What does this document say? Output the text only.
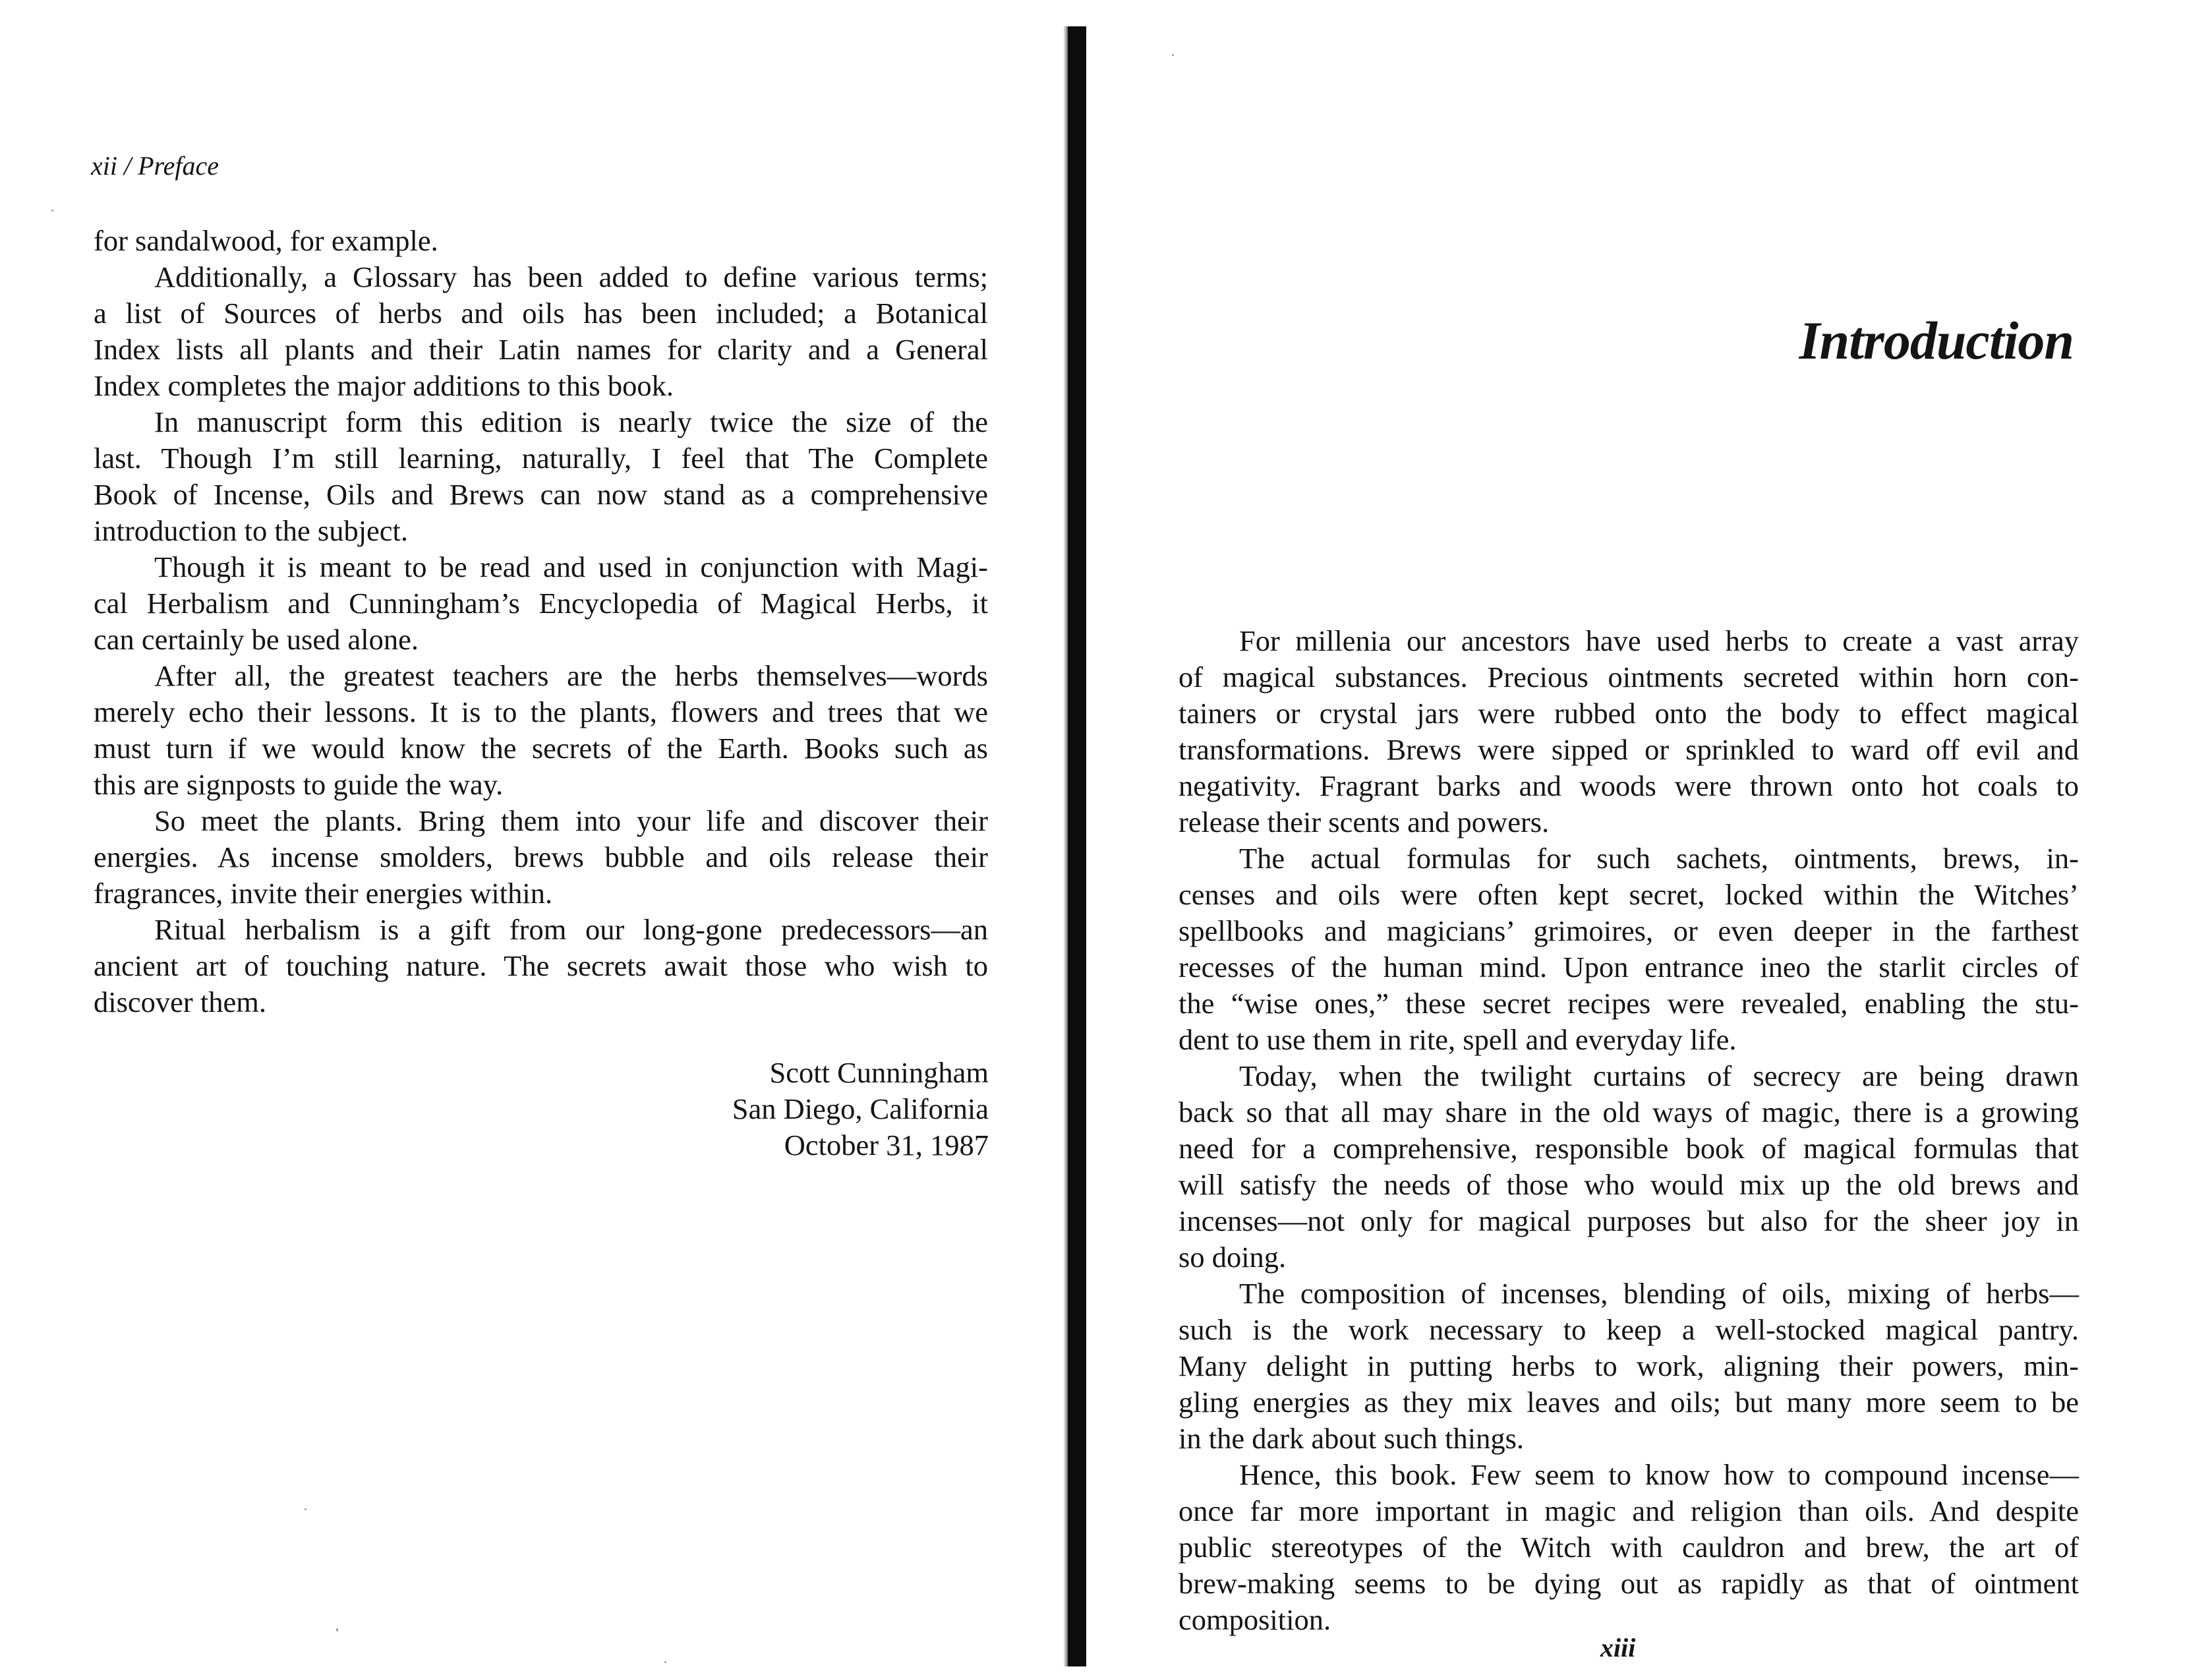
xii / Preface
for sandalwood, for example.
Additionally, a Glossary has been added to define various terms;
a list of Sources of herbs and oils has been included; a Botanical
Index lists all plants and their Latin names for clarity and a General
Index completes the major additions to this book.
In manuscript form this edition is nearly twice the size of the
last. Though I’m still learning, naturally, I feel that The Complete
Book of Incense, Oils and Brews can now stand as a comprehensive
introduction to the subject.
Though it is meant to be read and used in conjunction with Magi-
cal Herbalism and Cunningham’s Encyclopedia of Magical Herbs, it
can certainly be used alone.
After all, the greatest teachers are the herbs themselves—words
merely echo their lessons. It is to the plants, flowers and trees that we
must turn if we would know the secrets of the Earth. Books such as
this are signposts to guide the way.
So meet the plants. Bring them into your life and discover their
energies. As incense smolders, brews bubble and oils release their
fragrances, invite their energies within.
Ritual herbalism is a gift from our long-gone predecessors—an
ancient art of touching nature. The secrets await those who wish to
discover them.
Scott Cunningham
San Diego, California
October 31, 1987
Introduction
For millenia our ancestors have used herbs to create a vast array
of magical substances. Precious ointments secreted within horn con-
tainers or crystal jars were rubbed onto the body to effect magical
transformations. Brews were sipped or sprinkled to ward off evil and
negativity. Fragrant barks and woods were thrown onto hot coals to
release their scents and powers.
The actual formulas for such sachets, ointments, brews, in-
censes and oils were often kept secret, locked within the Witches’
spellbooks and magicians’ grimoires, or even deeper in the farthest
recesses of the human mind. Upon entrance ineo the starlit circles of
the “wise ones,” these secret recipes were revealed, enabling the stu-
dent to use them in rite, spell and everyday life.
Today, when the twilight curtains of secrecy are being drawn
back so that all may share in the old ways of magic, there is a growing
need for a comprehensive, responsible book of magical formulas that
will satisfy the needs of those who would mix up the old brews and
incenses—not only for magical purposes but also for the sheer joy in
so doing.
The composition of incenses, blending of oils, mixing of herbs—
such is the work necessary to keep a well-stocked magical pantry.
Many delight in putting herbs to work, aligning their powers, min-
gling energies as they mix leaves and oils; but many more seem to be
in the dark about such things.
Hence, this book. Few seem to know how to compound incense—
once far more important in magic and religion than oils. And despite
public stereotypes of the Witch with cauldron and brew, the art of
brew-making seems to be dying out as rapidly as that of ointment
composition.
xiii
